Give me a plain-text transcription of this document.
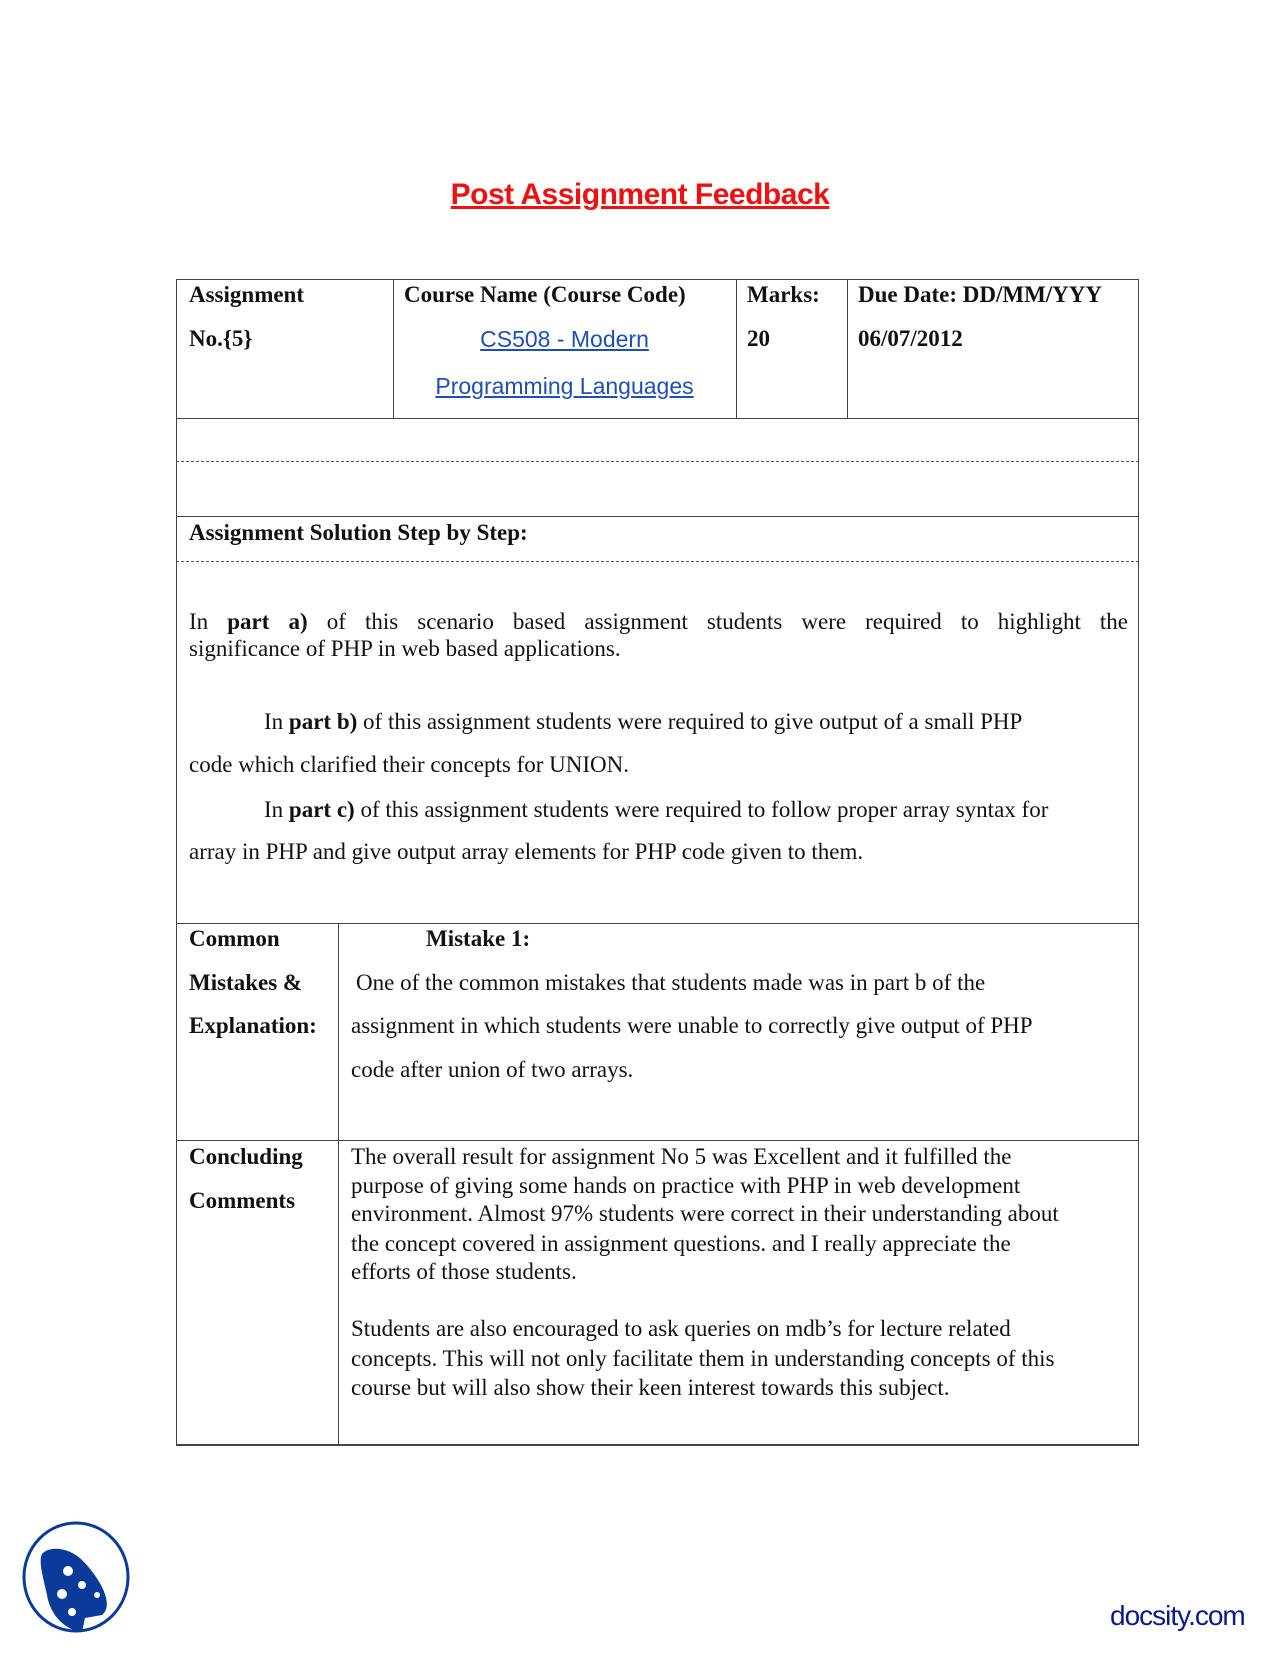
Post Assignment Feedback
Assignment
No.{5}
Course Name (Course Code)
CS508 - Modern
Programming Languages
Marks:
20
Due Date: DD/MM/YYY
06/07/2012
Assignment Solution Step by Step:
In part a) of this scenario based assignment students were required to highlight the
significance of PHP in web based applications.
In part b) of this assignment students were required to give output of a small PHP
code which clarified their concepts for UNION.
In part c) of this assignment students were required to follow proper array syntax for
array in PHP and give output array elements for PHP code given to them.
Common
Mistakes &
Explanation:
Mistake 1:
One of the common mistakes that students made was in part b of the
assignment in which students were unable to correctly give output of PHP
code after union of two arrays.
Concluding
Comments
The overall result for assignment No 5 was Excellent and it fulfilled the
purpose of giving some hands on practice with PHP in web development
environment. Almost 97% students were correct in their understanding about
the concept covered in assignment questions. and I really appreciate the
efforts of those students.
Students are also encouraged to ask queries on mdb’s for lecture related
concepts. This will not only facilitate them in understanding concepts of this
course but will also show their keen interest towards this subject.
docsity.com
